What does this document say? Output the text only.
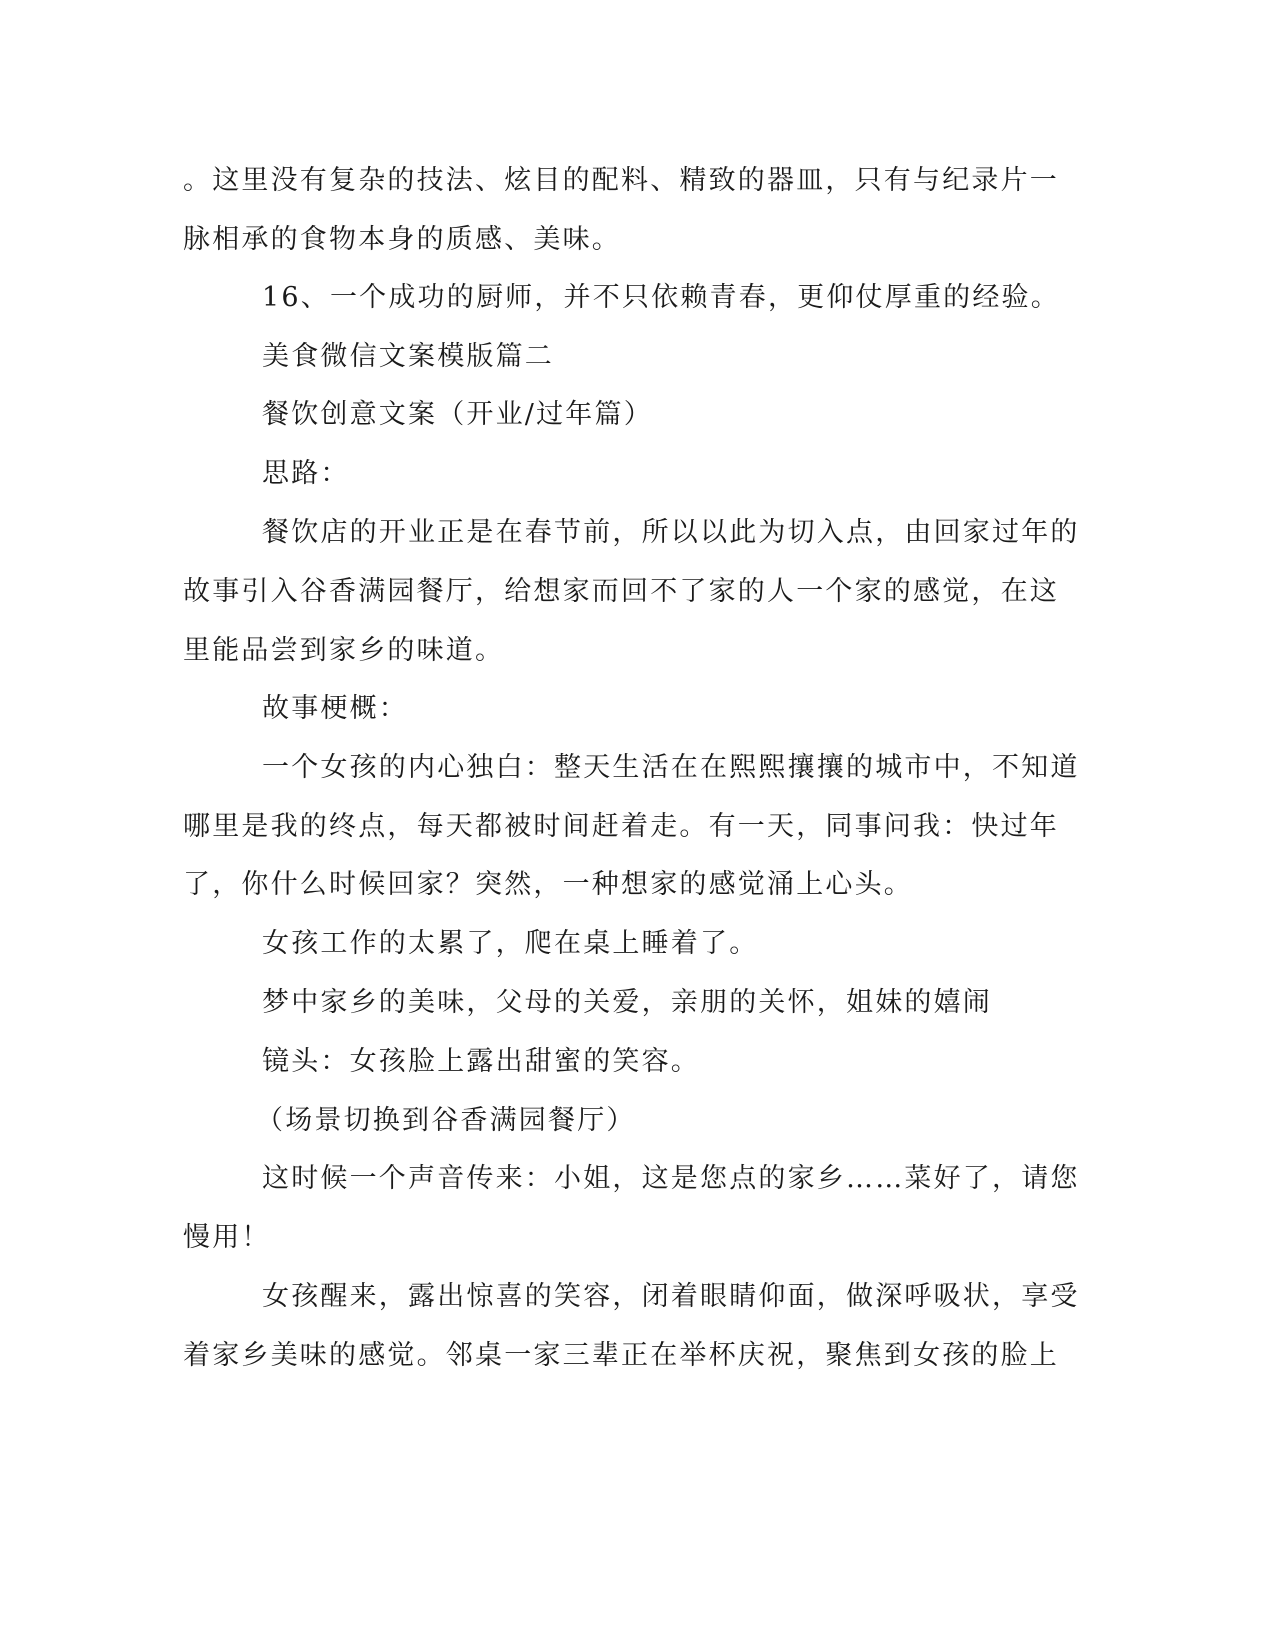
。这里没有复杂的技法、炫目的配料、精致的器皿，只有与纪录片一
脉相承的食物本身的质感、美味。
16、一个成功的厨师，并不只依赖青春，更仰仗厚重的经验。
美食微信文案模版篇二
餐饮创意文案（开业/过年篇）
思路：
餐饮店的开业正是在春节前，所以以此为切入点，由回家过年的
故事引入谷香满园餐厅，给想家而回不了家的人一个家的感觉，在这
里能品尝到家乡的味道。
故事梗概：
一个女孩的内心独白：整天生活在在熙熙攘攘的城市中，不知道
哪里是我的终点，每天都被时间赶着走。有一天，同事问我：快过年
了，你什么时候回家？突然，一种想家的感觉涌上心头。
女孩工作的太累了，爬在桌上睡着了。
梦中家乡的美味，父母的关爱，亲朋的关怀，姐妹的嬉闹
镜头：女孩脸上露出甜蜜的笑容。
（场景切换到谷香满园餐厅）
这时候一个声音传来：小姐，这是您点的家乡……菜好了，请您
慢用！
女孩醒来，露出惊喜的笑容，闭着眼睛仰面，做深呼吸状，享受
着家乡美味的感觉。邻桌一家三辈正在举杯庆祝，聚焦到女孩的脸上
